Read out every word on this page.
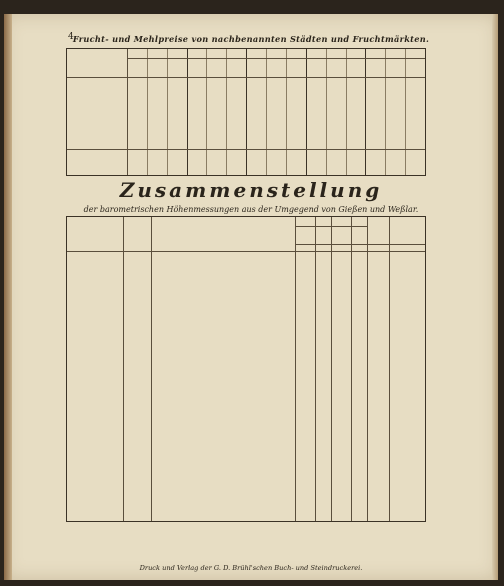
4 Frucht- und Mehlpreise von nachbenannten Städten und Fruchtmärkten.
Zusammenstellung
der barometrischen Höhenmessungen aus der Umgegend von Gießen und Weßlar.
Druck und Verlag der G. D. Brühl'schen Buch- und Steindruckerei.
